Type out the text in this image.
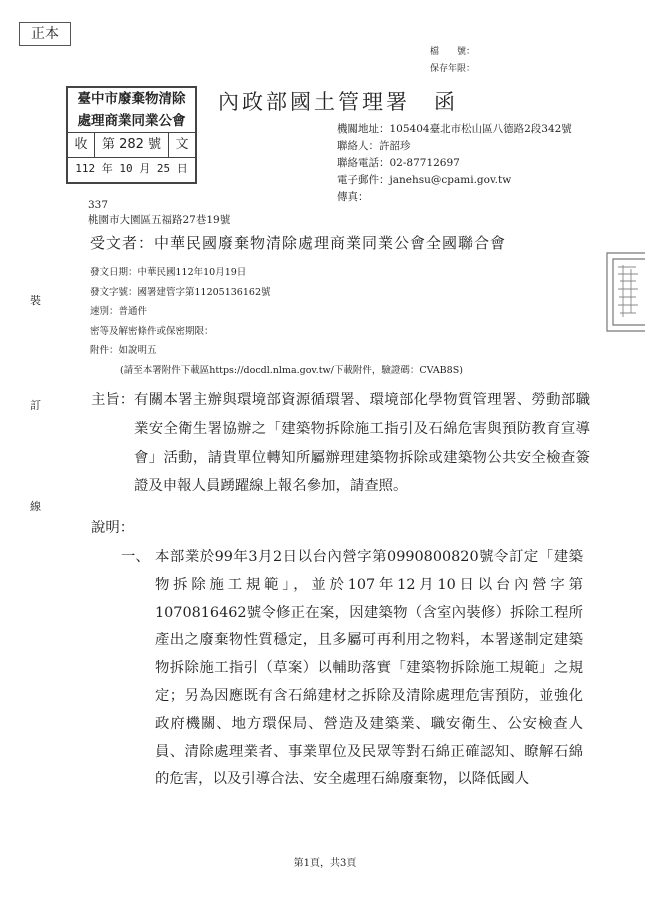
正本
檔　　號：
保存年限：
內政部國土管理署　函
臺中市廢棄物清除
處理商業同業公會
收	第 282 號	文
112 年 10 月 25 日
機關地址：105404臺北市松山區八德路2段342號
聯絡人：許韶珍
聯絡電話：02-87712697
電子郵件：janehsu@cpami.gov.tw
傳真：
337
桃園市大園區五福路27巷19號
受文者：中華民國廢棄物清除處理商業同業公會全國聯合會
發文日期：中華民國112年10月19日
發文字號：國署建管字第11205136162號
速別：普通件
密等及解密條件或保密期限：
附件：如說明五
(請至本署附件下載區https://docdl.nlma.gov.tw/下載附件，驗證碼：CVAB8S)
裝
訂
線
主旨： 有關本署主辦與環境部資源循環署、環境部化學物質管理署、勞動部職業安全衛生署協辦之「建築物拆除施工指引及石綿危害與預防教育宣導會」活動，請貴單位轉知所屬辦理建築物拆除或建築物公共安全檢查簽證及申報人員踴躍線上報名參加，請查照。
說明：
一、 本部業於99年3月2日以台內營字第0990800820號令訂定「建築物拆除施工規範」，並於107年12月10日以台內營字第1070816462號令修正在案，因建築物（含室內裝修）拆除工程所產出之廢棄物性質穩定，且多屬可再利用之物料，本署遂制定建築物拆除施工指引（草案）以輔助落實「建築物拆除施工規範」之規定；另為因應既有含石綿建材之拆除及清除處理危害預防，並強化政府機關、地方環保局、營造及建築業、職安衛生、公安檢查人員、清除處理業者、事業單位及民眾等對石綿正確認知、瞭解石綿的危害，以及引導合法、安全處理石綿廢棄物，以降低國人
第1頁，共3頁
